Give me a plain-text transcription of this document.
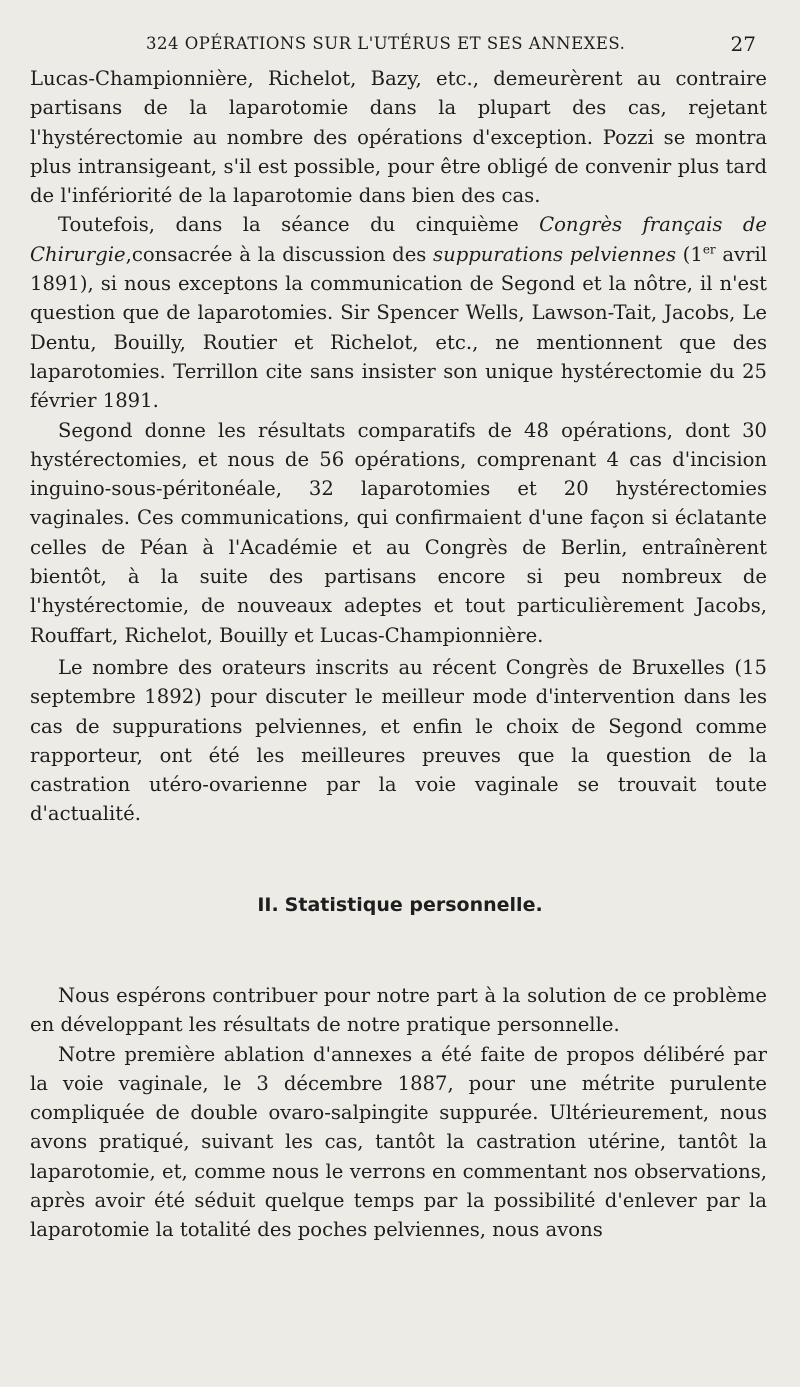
324 OPÉRATIONS SUR L'UTÉRUS ET SES ANNEXES.	27

Lucas-Championnière, Richelot, Bazy, etc., demeurèrent au contraire partisans de la laparotomie dans la plupart des cas, rejetant l'hystérectomie au nombre des opérations d'exception. Pozzi se montra plus intransigeant, s'il est possible, pour être obligé de convenir plus tard de l'infériorité de la laparotomie dans bien des cas.

Toutefois, dans la séance du cinquième Congrès français de Chirurgie,consacrée à la discussion des suppurations pelviennes (1er avril 1891), si nous exceptons la communication de Segond et la nôtre, il n'est question que de laparotomies. Sir Spencer Wells, Lawson-Tait, Jacobs, Le Dentu, Bouilly, Routier et Richelot, etc., ne mentionnent que des laparotomies. Terrillon cite sans insister son unique hystérectomie du 25 février 1891.

Segond donne les résultats comparatifs de 48 opérations, dont 30 hystérectomies, et nous de 56 opérations, comprenant 4 cas d'incision inguino-sous-péritonéale, 32 laparotomies et 20 hystérectomies vaginales. Ces communications, qui confirmaient d'une façon si éclatante celles de Péan à l'Académie et au Congrès de Berlin, entraînèrent bientôt, à la suite des partisans encore si peu nombreux de l'hystérectomie, de nouveaux adeptes et tout particulièrement Jacobs, Rouffart, Richelot, Bouilly et Lucas-Championnière.

Le nombre des orateurs inscrits au récent Congrès de Bruxelles (15 septembre 1892) pour discuter le meilleur mode d'intervention dans les cas de suppurations pelviennes, et enfin le choix de Segond comme rapporteur, ont été les meilleures preuves que la question de la castration utéro-ovarienne par la voie vaginale se trouvait toute d'actualité.

II. Statistique personnelle.

Nous espérons contribuer pour notre part à la solution de ce problème en développant les résultats de notre pratique personnelle.

Notre première ablation d'annexes a été faite de propos délibéré par la voie vaginale, le 3 décembre 1887, pour une métrite purulente compliquée de double ovaro-salpingite suppurée. Ultérieurement, nous avons pratiqué, suivant les cas, tantôt la castration utérine, tantôt la laparotomie, et, comme nous le verrons en commentant nos observations, après avoir été séduit quelque temps par la possibilité d'enlever par la laparotomie la totalité des poches pelviennes, nous avons
